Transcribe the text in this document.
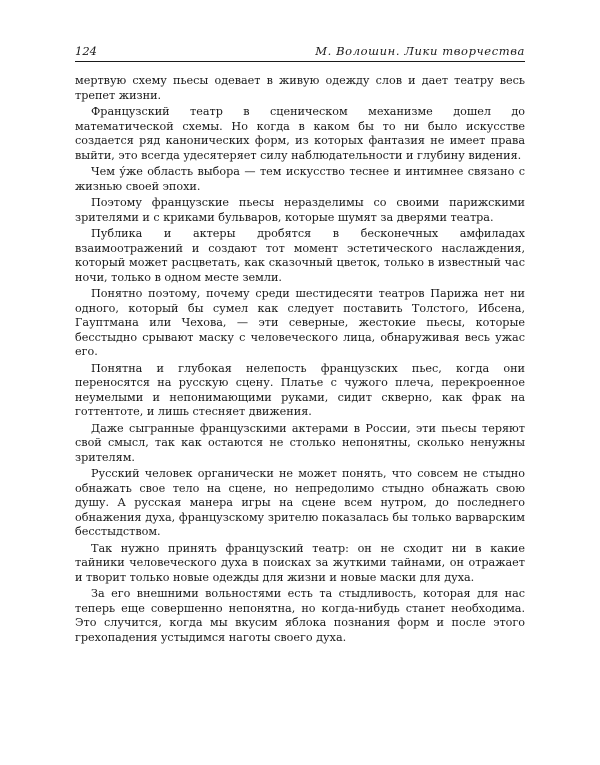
124	М. Волошин. Лики творчества

мертвую схему пьесы одевает в живую одежду слов и дает театру весь трепет жизни.

Французский театр в сценическом механизме дошел до математической схемы. Но когда в каком бы то ни было искусстве создается ряд канонических форм, из которых фантазия не имеет права выйти, это всегда удесятеряет силу наблюдательности и глубину видения.

Чем у́же область выбора — тем искусство теснее и интимнее связано с жизнью своей эпохи.

Поэтому французские пьесы неразделимы со своими парижскими зрителями и с криками бульваров, которые шумят за дверями театра.

Публика и актеры дробятся в бесконечных амфиладах взаимоотражений и создают тот момент эстетического наслаждения, который может расцветать, как сказочный цветок, только в известный час ночи, только в одном месте земли.

Понятно поэтому, почему среди шестидесяти театров Парижа нет ни одного, который бы сумел как следует поставить Толстого, Ибсена, Гауптмана или Чехова, — эти северные, жестокие пьесы, которые бесстыдно срывают маску с человеческого лица, обнаруживая весь ужас его.

Понятна и глубокая нелепость французских пьес, когда они переносятся на русскую сцену. Платье с чужого плеча, перекроенное неумелыми и непонимающими руками, сидит скверно, как фрак на готтентоте, и лишь стесняет движения.

Даже сыгранные французскими актерами в России, эти пьесы теряют свой смысл, так как остаются не столько непонятны, сколько ненужны зрителям.

Русский человек органически не может понять, что совсем не стыдно обнажать свое тело на сцене, но непредолимо стыдно обнажать свою душу. А русская манера игры на сцене всем нутром, до последнего обнажения духа, французскому зрителю показалась бы только варварским бесстыдством.

Так нужно принять французский театр: он не сходит ни в какие тайники человеческого духа в поисках за жуткими тайнами, он отражает и творит только новые одежды для жизни и новые маски для духа.

За его внешними вольностями есть та стыдливость, которая для нас теперь еще совершенно непонятна, но когда-нибудь станет необходима. Это случится, когда мы вкусим яблока познания форм и после этого грехопадения устыдимся наготы своего духа.
